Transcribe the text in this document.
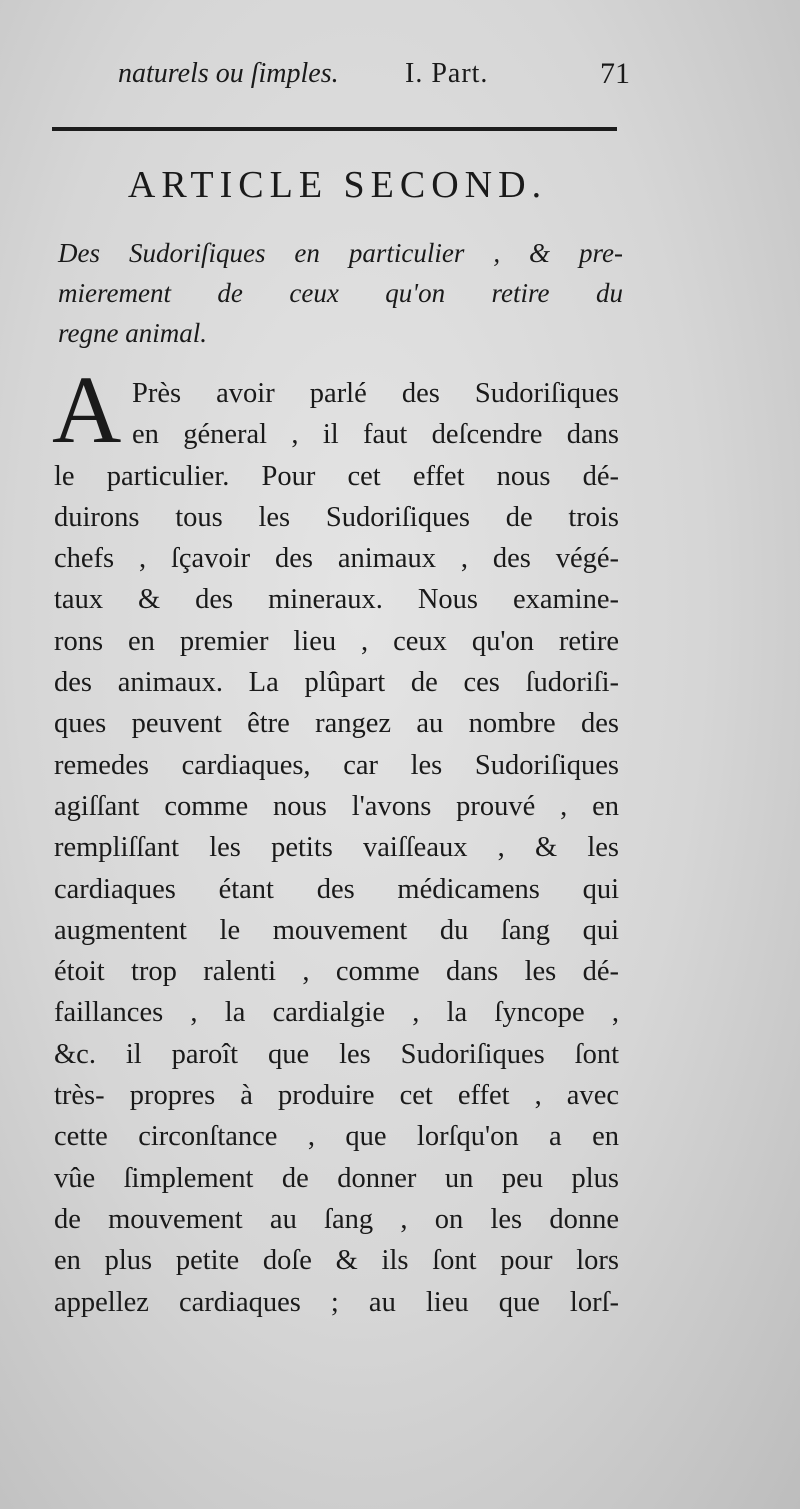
naturels ou ſimples. I. Part.	71
ARTICLE SECOND.
Des Sudoriſiques en particulier , & pre-
mierement de ceux qu'on retire du
regne animal.
A Près avoir parlé des Sudoriſiques
en géneral , il faut deſcendre dans
le particulier. Pour cet effet nous dé-
duirons tous les Sudoriſiques de trois
chefs , ſçavoir des animaux , des végé-
taux & des mineraux. Nous examine-
rons en premier lieu , ceux qu'on retire
des animaux. La plûpart de ces ſudoriſi-
ques peuvent être rangez au nombre des
remedes cardiaques, car les Sudoriſiques
agiſſant comme nous l'avons prouvé , en
rempliſſant les petits vaiſſeaux , & les
cardiaques étant des médicamens qui
augmentent le mouvement du ſang qui
étoit trop ralenti , comme dans les dé-
faillances , la cardialgie , la ſyncope ,
&c. il paroît que les Sudoriſiques ſont
très- propres à produire cet effet , avec
cette circonſtance , que lorſqu'on a en
vûe ſimplement de donner un peu plus
de mouvement au ſang , on les donne
en plus petite doſe & ils ſont pour lors
appellez cardiaques ; au lieu que lorſ-
